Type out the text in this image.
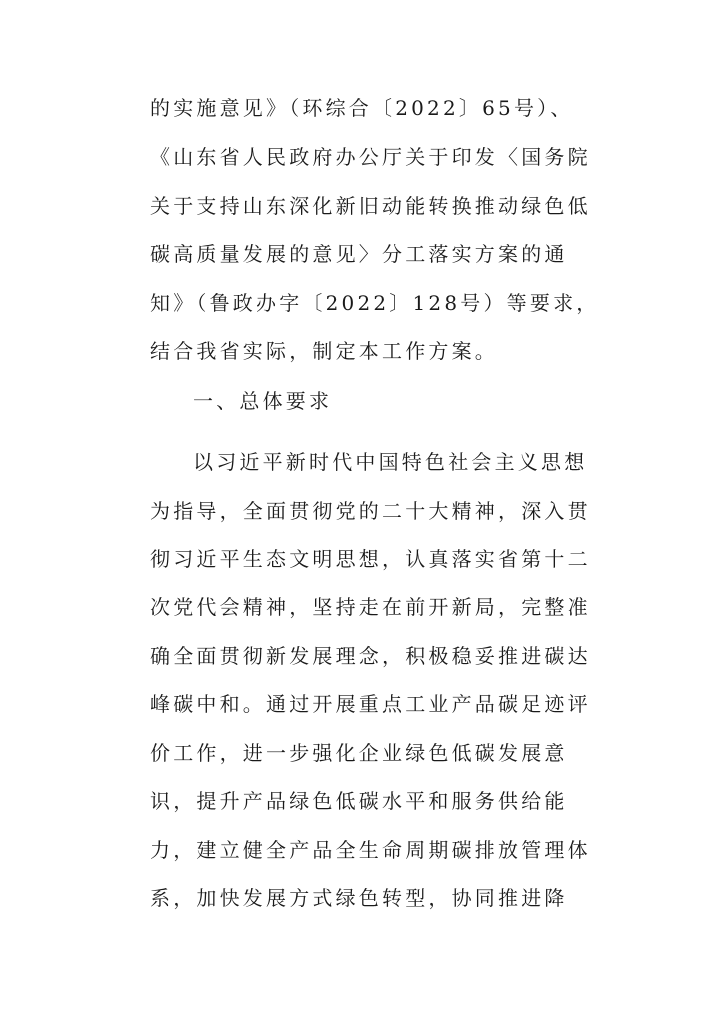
的实施意见》（环综合〔2022〕65号）、
《山东省人民政府办公厅关于印发〈国务院
关于支持山东深化新旧动能转换推动绿色低
碳高质量发展的意见〉分工落实方案的通
知》（鲁政办字〔2022〕128号）等要求，
结合我省实际，制定本工作方案。
一、总体要求
以习近平新时代中国特色社会主义思想
为指导，全面贯彻党的二十大精神，深入贯
彻习近平生态文明思想，认真落实省第十二
次党代会精神，坚持走在前开新局，完整准
确全面贯彻新发展理念，积极稳妥推进碳达
峰碳中和。通过开展重点工业产品碳足迹评
价工作，进一步强化企业绿色低碳发展意
识，提升产品绿色低碳水平和服务供给能
力，建立健全产品全生命周期碳排放管理体
系，加快发展方式绿色转型，协同推进降
